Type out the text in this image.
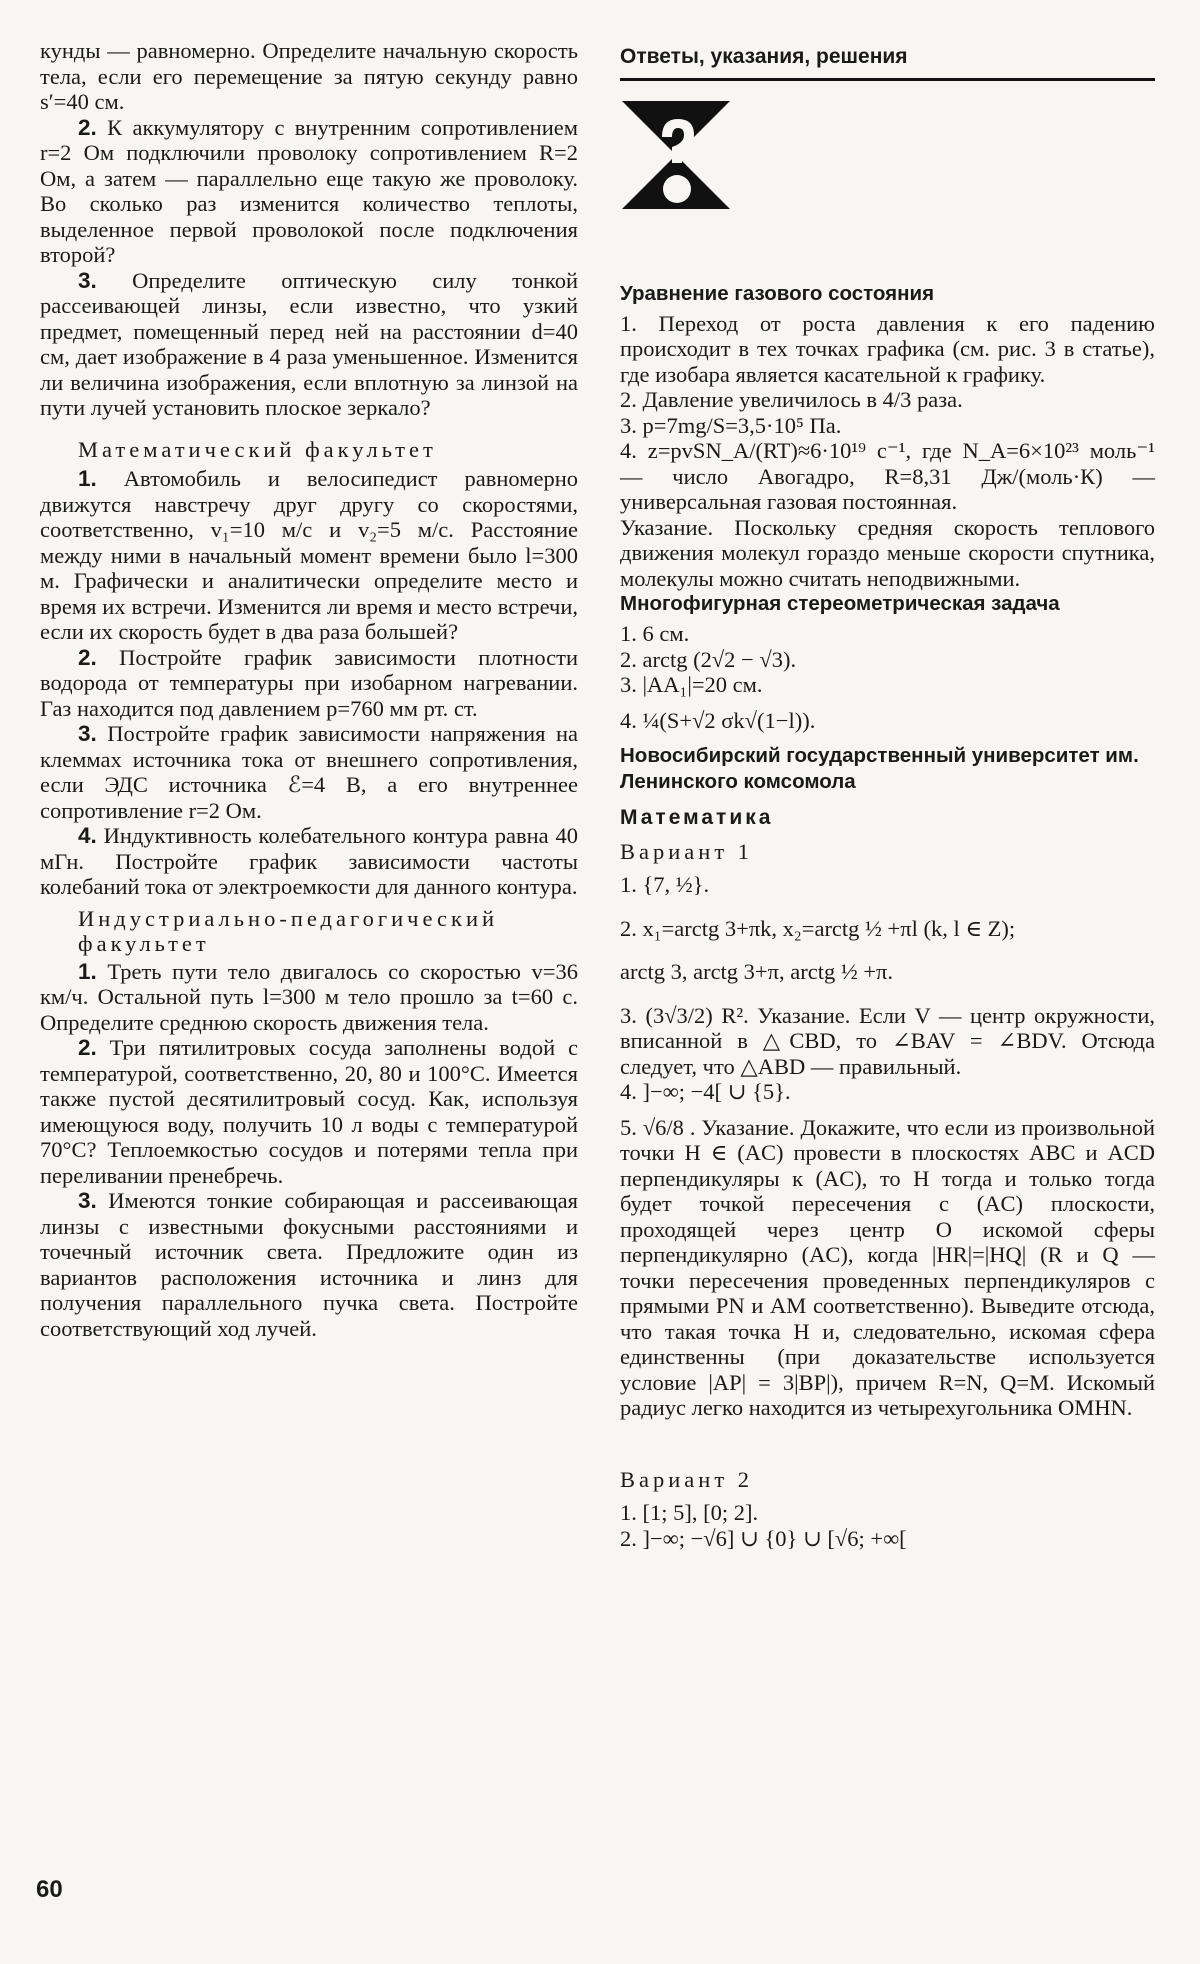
кунды — равномерно. Определите начальную скорость тела, если его перемещение за пятую секунду равно s′=40 см.

2. К аккумулятору с внутренним сопротивлением r=2 Ом подключили проволоку сопротивлением R=2 Ом, а затем — параллельно еще такую же проволоку. Во сколько раз изменится количество теплоты, выделенное первой проволокой после подключения второй?

3. Определите оптическую силу тонкой рассеивающей линзы, если известно, что узкий предмет, помещенный перед ней на расстоянии d=40 см, дает изображение в 4 раза уменьшенное. Изменится ли величина изображения, если вплотную за линзой на пути лучей установить плоское зеркало?

Математический факультет

1. Автомобиль и велосипедист равномерно движутся навстречу друг другу со скоростями, соответственно, v₁=10 м/с и v₂=5 м/с. Расстояние между ними в начальный момент времени было l=300 м. Графически и аналитически определите место и время их встречи. Изменится ли время и место встречи, если их скорость будет в два раза большей?

2. Постройте график зависимости плотности водорода от температуры при изобарном нагревании. Газ находится под давлением p=760 мм рт. ст.

3. Постройте график зависимости напряжения на клеммах источника тока от внешнего сопротивления, если ЭДС источника ℰ=4 В, а его внутреннее сопротивление r=2 Ом.

4. Индуктивность колебательного контура равна 40 мГн. Постройте график зависимости частоты колебаний тока от электроемкости для данного контура.

Индустриально-педагогический факультет

1. Треть пути тело двигалось со скоростью v=36 км/ч. Остальной путь l=300 м тело прошло за t=60 с. Определите среднюю скорость движения тела.

2. Три пятилитровых сосуда заполнены водой с температурой, соответственно, 20, 80 и 100°С. Имеется также пустой десятилитровый сосуд. Как, используя имеющуюся воду, получить 10 л воды с температурой 70°С? Теплоемкостью сосудов и потерями тепла при переливании пренебречь.

3. Имеются тонкие собирающая и рассеивающая линзы с известными фокусными расстояниями и точечный источник света. Предложите один из вариантов расположения источника и линз для получения параллельного пучка света. Постройте соответствующий ход лучей.

Ответы, указания, решения
Уравнение газового состояния

1. Переход от роста давления к его падению происходит в тех точках графика (см. рис. 3 в статье), где изобара является касательной к графику.

2. Давление увеличилось в 4/3 раза.

3. p=7mg/S=3,5·10⁵ Па.

4. z=pvSN_A/(RT)≈6·10¹⁹ с⁻¹, где N_A=6×10²³ моль⁻¹ — число Авогадро, R=8,31 Дж/(моль·К) — универсальная газовая постоянная.

Указание. Поскольку средняя скорость теплового движения молекул гораздо меньше скорости спутника, молекулы можно считать неподвижными.

Многофигурная стереометрическая задача

1. 6 см.

2. arctg (2√2 − √3).

3. |AA₁|=20 см.

4. ¼(S+√2 σk√(1−l)).

Новосибирский государственный университет им. Ленинского комсомола
Математика
Вариант 1

1. {7, ½}.

2. x₁=arctg 3+πk, x₂=arctg ½ +πl (k, l ∈ Z);

arctg 3, arctg 3+π, arctg ½ +π.

3. (3√3/2) R². Указание. Если V — центр окружности, вписанной в △CBD, то ∠BAV = ∠BDV. Отсюда следует, что △ABD — правильный.

4. ]−∞; −4[ ∪ {5}.

5. √6/8 . Указание. Докажите, что если из произвольной точки H ∈ (AC) провести в плоскостях ABC и ACD перпендикуляры к (AC), то H тогда и только тогда будет точкой пересечения с (AC) плоскости, проходящей через центр O искомой сферы перпендикулярно (AC), когда |HR|=|HQ| (R и Q — точки пересечения проведенных перпендикуляров с прямыми PN и AM соответственно). Выведите отсюда, что такая точка H и, следовательно, искомая сфера единственны (при доказательстве используется условие |AP| = 3|BP|), причем R=N, Q=M. Искомый радиус легко находится из четырехугольника OMHN.

Вариант 2

1. [1; 5], [0; 2].

2. ]−∞; −√6] ∪ {0} ∪ [√6; +∞[

60
